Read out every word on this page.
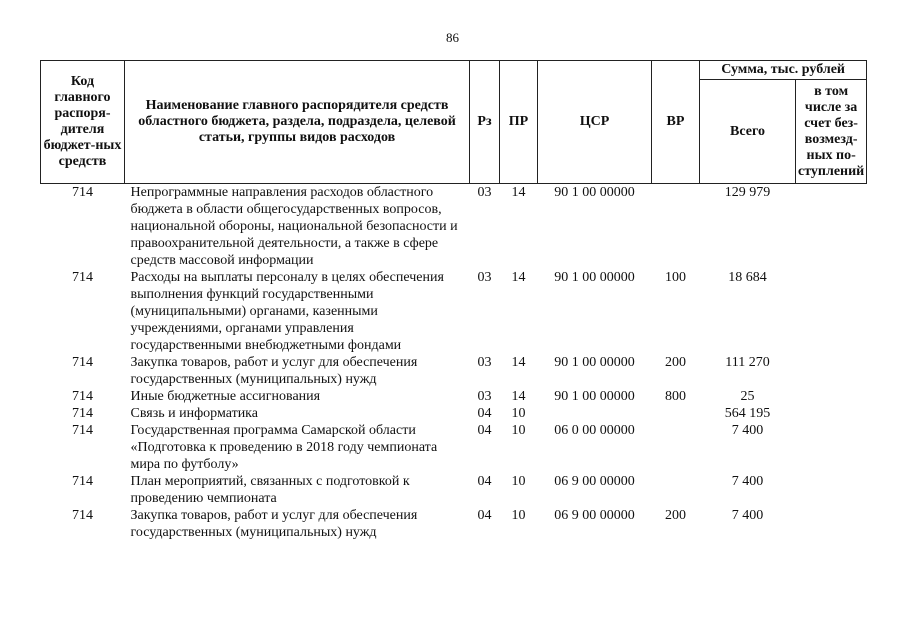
86
Код главного распоря-дителя бюджет-ных средств	Наименование главного распорядителя средств областного бюджета, раздела, подраздела, целевой статьи, группы видов расходов	Рз	ПР	ЦСР	ВР	Сумма, тыс. рублей	
						Всего	в том числе за счет без-возмезд-ных по-ступлений
714	Непрограммные направления расходов областного бюджета в области общегосударственных вопросов, национальной обороны, национальной безопасности и правоохранительной деятельности, а также в сфере средств массовой информации	03	14	90 1 00 00000		129 979	
714	Расходы на выплаты персоналу в целях обеспечения выполнения функций государственными (муниципальными) органами, казенными учреждениями, органами управления государственными внебюджетными фондами	03	14	90 1 00 00000	100	18 684	
714	Закупка товаров, работ и услуг для обеспечения государственных (муниципальных) нужд	03	14	90 1 00 00000	200	111 270	
714	Иные бюджетные ассигнования	03	14	90 1 00 00000	800	25	
714	Связь и информатика	04	10			564 195	
714	Государственная программа Самарской области «Подготовка к проведению в 2018 году чемпионата мира по футболу»	04	10	06 0 00 00000		7 400	
714	План мероприятий, связанных с подготовкой к проведению чемпионата	04	10	06 9 00 00000		7 400	
714	Закупка товаров, работ и услуг для обеспечения государственных (муниципальных) нужд	04	10	06 9 00 00000	200	7 400	
